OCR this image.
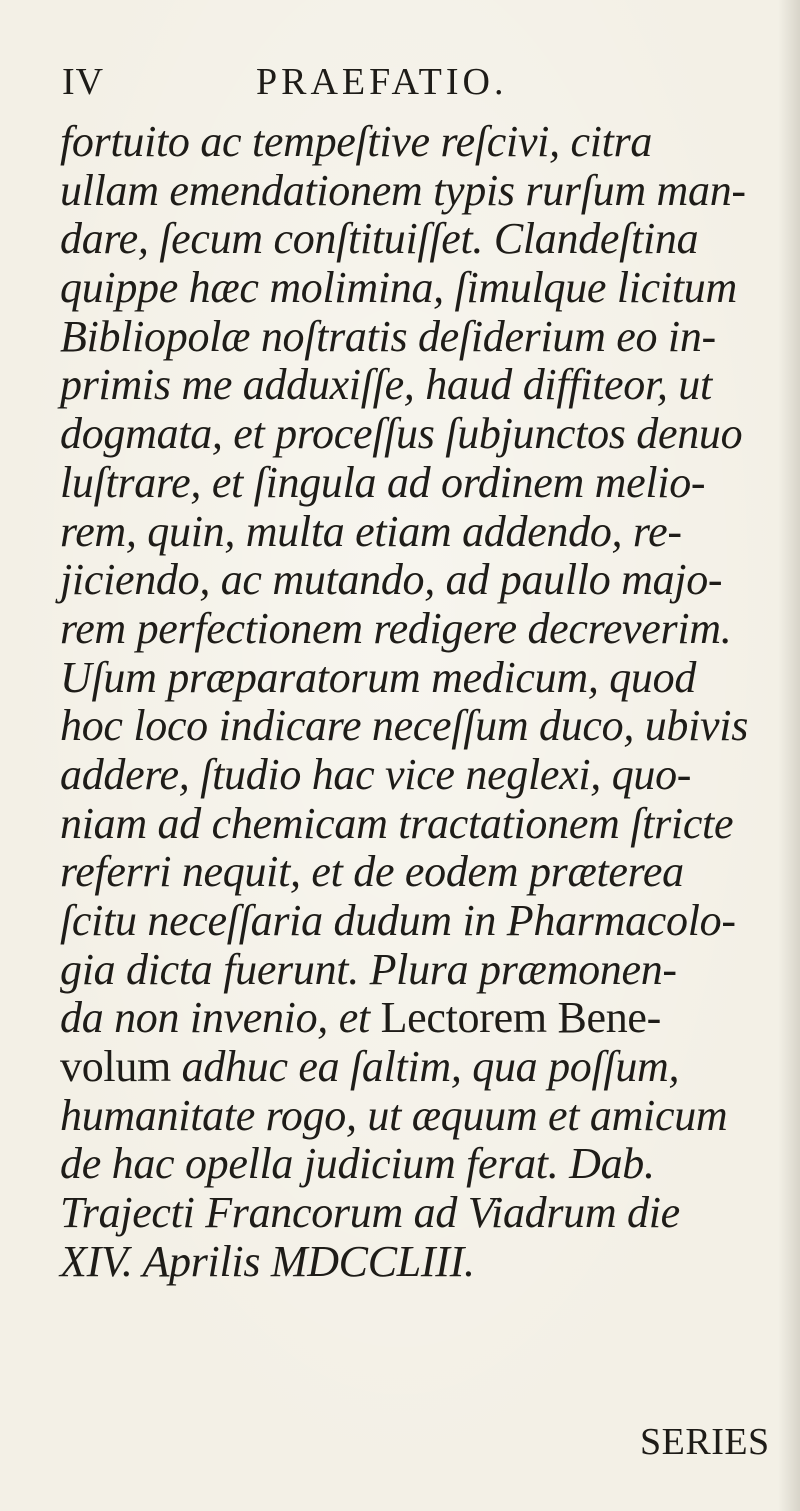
IV	PRAEFATIO.
fortuito ac tempeſtive reſcivi, citra
ullam emendationem typis rurſum man-
dare, ſecum conſtituiſſet. Clandeſtina
quippe hæc molimina, ſimulque licitum
Bibliopolæ noſtratis deſiderium eo in-
primis me adduxiſſe, haud diffiteor, ut
dogmata, et proceſſus ſubjunctos denuo
luſtrare, et ſingula ad ordinem melio-
rem, quin, multa etiam addendo, re-
jiciendo, ac mutando, ad paullo majo-
rem perfectionem redigere decreverim.
Uſum præparatorum medicum, quod
hoc loco indicare neceſſum duco, ubivis
addere, ſtudio hac vice neglexi, quo-
niam ad chemicam tractationem ſtricte
referri nequit, et de eodem præterea
ſcitu neceſſaria dudum in Pharmacolo-
gia dicta fuerunt. Plura præmonen-
da non invenio, et Lectorem Bene-
volum adhuc ea ſaltim, qua poſſum,
humanitate rogo, ut æquum et amicum
de hac opella judicium ferat. Dab.
Trajecti Francorum ad Viadrum die
XIV. Aprilis MDCCLIII.
SERIES
